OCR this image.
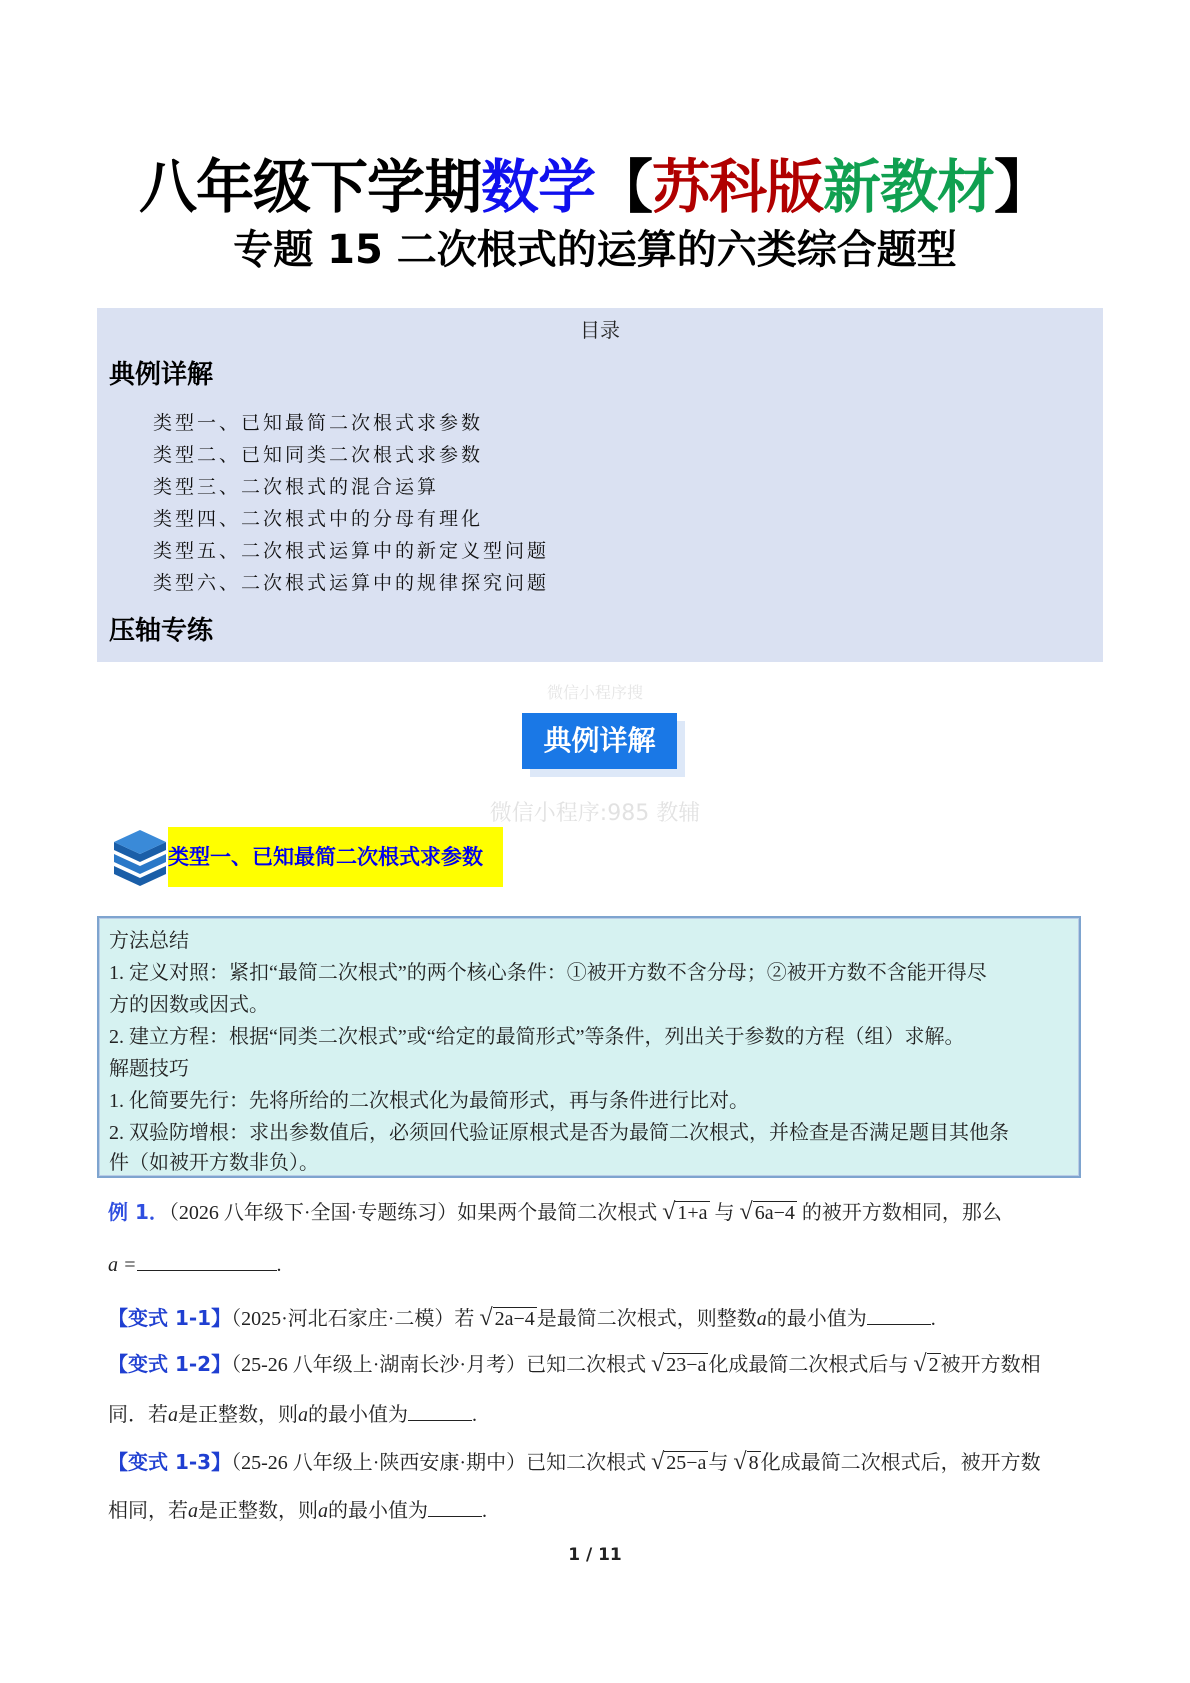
八年级下学期数学【苏科版新教材】
专题 15 二次根式的运算的六类综合题型
目录
典例详解
类型一、已知最简二次根式求参数
类型二、已知同类二次根式求参数
类型三、二次根式的混合运算
类型四、二次根式中的分母有理化
类型五、二次根式运算中的新定义型问题
类型六、二次根式运算中的规律探究问题
压轴专练
微信小程序搜
典例详解
微信小程序:985 教辅
类型一、已知最简二次根式求参数
方法总结
1. 定义对照：紧扣“最简二次根式”的两个核心条件：①被开方数不含分母；②被开方数不含能开得尽
方的因数或因式。
2. 建立方程：根据“同类二次根式”或“给定的最简形式”等条件，列出关于参数的方程（组）求解。
解题技巧
1. 化简要先行：先将所给的二次根式化为最简形式，再与条件进行比对。
2. 双验防增根：求出参数值后，必须回代验证原根式是否为最简二次根式，并检查是否满足题目其他条
件（如被开方数非负）。
例 1．（2026 八年级下·全国·专题练习）如果两个最简二次根式 √ 1+a 与 √ 6a−4 的被开方数相同，那么
a =	.
【变式 1-1】（2025·河北石家庄·二模）若 √ 2a−4 是最简二次根式，则整数a的最小值为	.
【变式 1-2】（25-26 八年级上·湖南长沙·月考）已知二次根式 √ 23−a 化成最简二次根式后与 √ 2 被开方数相
同．若a是正整数，则a的最小值为	.
【变式 1-3】（25-26 八年级上·陕西安康·期中）已知二次根式 √ 25−a 与 √ 8 化成最简二次根式后，被开方数
相同，若a是正整数，则a的最小值为	.
1 / 11
